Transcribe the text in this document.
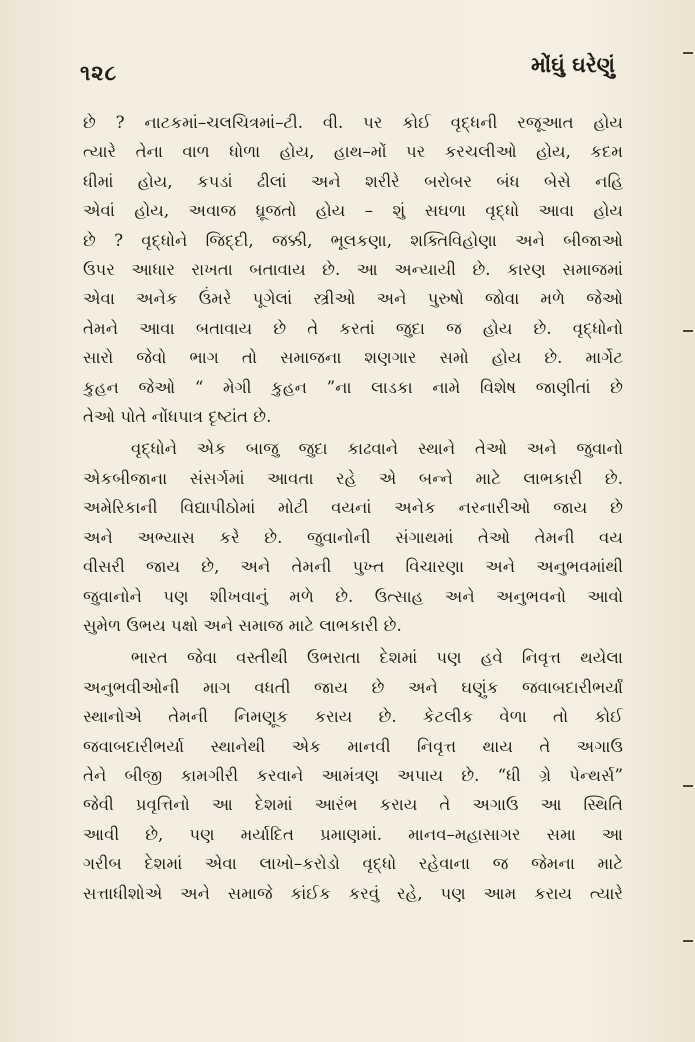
૧૨૮	મોંઘું ઘરેણું

છે ? નાટકમાં–ચલચિત્રમાં–ટી. વી. પર કોઈ વૃદ્ધની રજૂઆત હોય
ત્યારે તેના વાળ ધોળા હોય, હાથ–મોં પર કરચલીઓ હોય, કદમ
ધીમાં હોય, કપડાં ઢીલાં અને શરીરે બરોબર બંધ બેસે નહિ
એવાં હોય, અવાજ ધ્રૂજતો હોય – શું સઘળા વૃદ્ધો આવા હોય
છે ? વૃદ્ધોને જિદ્દી, જક્કી, ભૂલકણા, શક્તિવિહોણા અને બીજાઓ
ઉપર આધાર રાખતા બતાવાય છે. આ અન્યાયી છે. કારણ સમાજમાં
એવા અનેક ઉંમરે પૂગેલાં સ્ત્રીઓ અને પુરુષો જોવા મળે જેઓ
તેમને આવા બતાવાય છે તે કરતાં જુદા જ હોય છે. વૃદ્ધોનો
સારો જેવો ભાગ તો સમાજના શણગાર સમો હોય છે. માર્ગેટ
કુહન જેઓ “ મેગી કુહન ”ના લાડકા નામે વિશેષ જાણીતાં છે
તેઓ પોતે નોંધપાત્ર દૃષ્ટાંત છે.

વૃદ્ધોને એક બાજુ જુદા કાઢવાને સ્થાને તેઓ અને જુવાનો
એકબીજાના સંસર્ગમાં આવતા રહે એ બન્ને માટે લાભકારી છે.
અમેરિકાની વિદ્યાપીઠોમાં મોટી વયનાં અનેક નરનારીઓ જાય છે
અને અભ્યાસ કરે છે. જુવાનોની સંગાથમાં તેઓ તેમની વય
વીસરી જાય છે, અને તેમની પુખ્ત વિચારણા અને અનુભવમાંથી
જુવાનોને પણ શીખવાનું મળે છે. ઉત્સાહ અને અનુભવનો આવો
સુમેળ ઉભય પક્ષો અને સમાજ માટે લાભકારી છે.

ભારત જેવા વસ્તીથી ઉભરાતા દેશમાં પણ હવે નિવૃત્ત થયેલા
અનુભવીઓની માગ વધતી જાય છે અને ઘણુંક જવાબદારીભર્યાં
સ્થાનોએ તેમની નિમણૂક કરાય છે. કેટલીક વેળા તો કોઈ
જવાબદારીભર્યા સ્થાનેથી એક માનવી નિવૃત્ત થાય તે અગાઉ
તેને બીજી કામગીરી કરવાને આમંત્રણ અપાય છે. “ધી ગ્રે પેન્થર્સ”
જેવી પ્રવૃત્તિનો આ દેશમાં આરંભ કરાય તે અગાઉ આ સ્થિતિ
આવી છે, પણ મર્યાદિત પ્રમાણમાં. માનવ–મહાસાગર સમા આ
ગરીબ દેશમાં એવા લાખો–કરોડો વૃદ્ધો રહેવાના જ જેમના માટે
સત્તાધીશોએ અને સમાજે કાંઈક કરવું રહે, પણ આમ કરાય ત્યારે
